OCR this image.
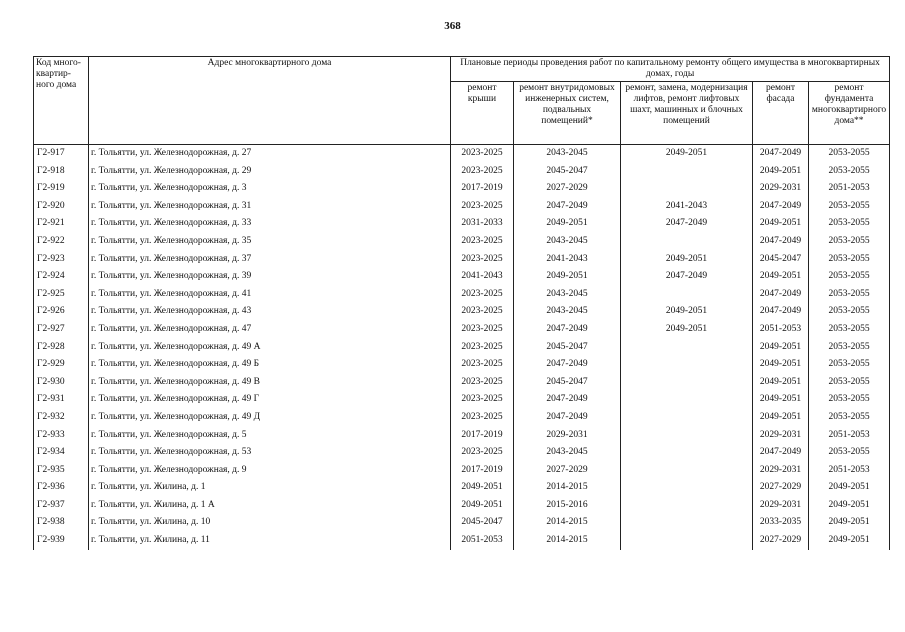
368
Код много-квартир-ного дома	Адрес многоквартирного дома	Плановые периоды проведения работ по капитальному ремонту общего имущества в многоквартирных домах, годы				
		ремонт крыши	ремонт внутридомовых инженерных систем, подвальных помещений*	ремонт, замена, модернизация лифтов, ремонт лифтовых шахт, машинных и блочных помещений	ремонт фасада	ремонт фундамента многоквартирного дома**
Г2-917	г. Тольятти, ул. Железнодорожная, д. 27	2023-2025	2043-2045	2049-2051	2047-2049	2053-2055
Г2-918	г. Тольятти, ул. Железнодорожная, д. 29	2023-2025	2045-2047		2049-2051	2053-2055
Г2-919	г. Тольятти, ул. Железнодорожная, д. 3	2017-2019	2027-2029		2029-2031	2051-2053
Г2-920	г. Тольятти, ул. Железнодорожная, д. 31	2023-2025	2047-2049	2041-2043	2047-2049	2053-2055
Г2-921	г. Тольятти, ул. Железнодорожная, д. 33	2031-2033	2049-2051	2047-2049	2049-2051	2053-2055
Г2-922	г. Тольятти, ул. Железнодорожная, д. 35	2023-2025	2043-2045		2047-2049	2053-2055
Г2-923	г. Тольятти, ул. Железнодорожная, д. 37	2023-2025	2041-2043	2049-2051	2045-2047	2053-2055
Г2-924	г. Тольятти, ул. Железнодорожная, д. 39	2041-2043	2049-2051	2047-2049	2049-2051	2053-2055
Г2-925	г. Тольятти, ул. Железнодорожная, д. 41	2023-2025	2043-2045		2047-2049	2053-2055
Г2-926	г. Тольятти, ул. Железнодорожная, д. 43	2023-2025	2043-2045	2049-2051	2047-2049	2053-2055
Г2-927	г. Тольятти, ул. Железнодорожная, д. 47	2023-2025	2047-2049	2049-2051	2051-2053	2053-2055
Г2-928	г. Тольятти, ул. Железнодорожная, д. 49 А	2023-2025	2045-2047		2049-2051	2053-2055
Г2-929	г. Тольятти, ул. Железнодорожная, д. 49 Б	2023-2025	2047-2049		2049-2051	2053-2055
Г2-930	г. Тольятти, ул. Железнодорожная, д. 49 В	2023-2025	2045-2047		2049-2051	2053-2055
Г2-931	г. Тольятти, ул. Железнодорожная, д. 49 Г	2023-2025	2047-2049		2049-2051	2053-2055
Г2-932	г. Тольятти, ул. Железнодорожная, д. 49 Д	2023-2025	2047-2049		2049-2051	2053-2055
Г2-933	г. Тольятти, ул. Железнодорожная, д. 5	2017-2019	2029-2031		2029-2031	2051-2053
Г2-934	г. Тольятти, ул. Железнодорожная, д. 53	2023-2025	2043-2045		2047-2049	2053-2055
Г2-935	г. Тольятти, ул. Железнодорожная, д. 9	2017-2019	2027-2029		2029-2031	2051-2053
Г2-936	г. Тольятти, ул. Жилина, д. 1	2049-2051	2014-2015		2027-2029	2049-2051
Г2-937	г. Тольятти, ул. Жилина, д. 1 А	2049-2051	2015-2016		2029-2031	2049-2051
Г2-938	г. Тольятти, ул. Жилина, д. 10	2045-2047	2014-2015		2033-2035	2049-2051
Г2-939	г. Тольятти, ул. Жилина, д. 11	2051-2053	2014-2015		2027-2029	2049-2051
